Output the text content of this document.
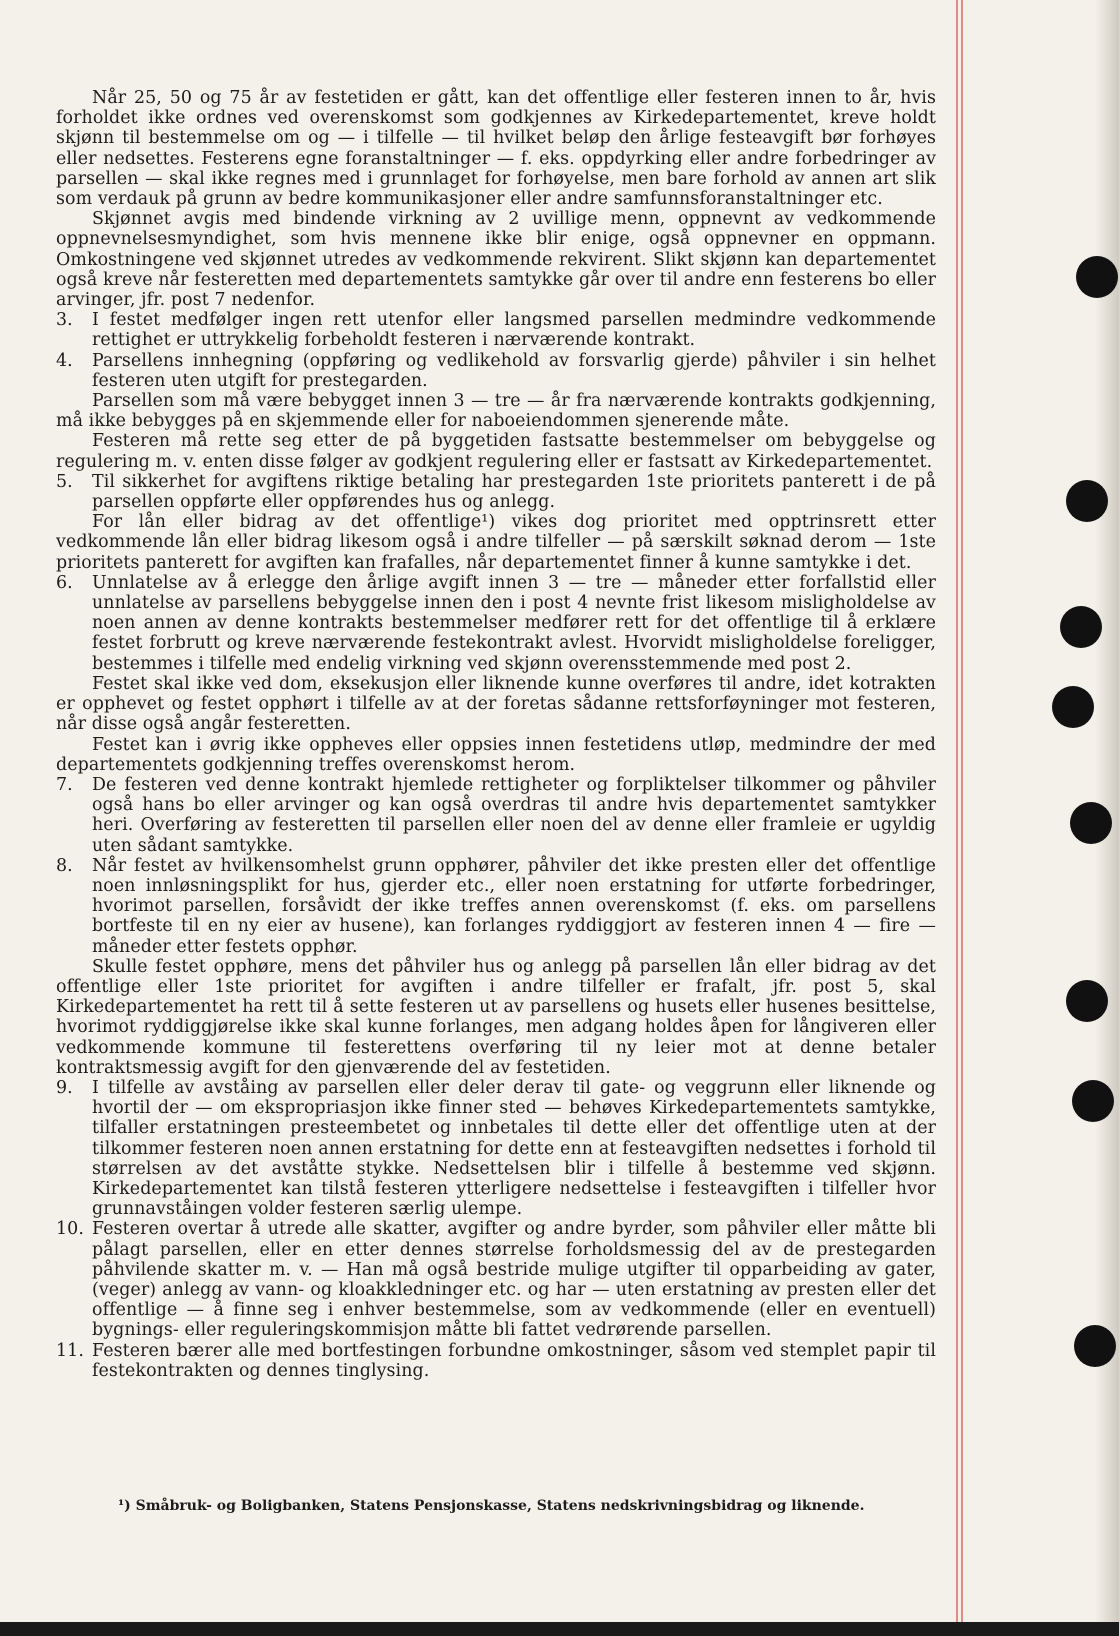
Når 25, 50 og 75 år av festetiden er gått, kan det offentlige eller festeren innen to år, hvis forholdet ikke ordnes ved overenskomst som godkjennes av Kirkedepartementet, kreve holdt skjønn til bestemmelse om og — i tilfelle — til hvilket beløp den årlige festeavgift bør forhøyes eller nedsettes. Festerens egne foranstaltninger — f. eks. oppdyrking eller andre forbedringer av parsellen — skal ikke regnes med i grunnlaget for forhøyelse, men bare forhold av annen art slik som verdauk på grunn av bedre kommunikasjoner eller andre samfunnsforanstaltninger etc.

Skjønnet avgis med bindende virkning av 2 uvillige menn, oppnevnt av vedkommende oppnevnelsesmyndighet, som hvis mennene ikke blir enige, også oppnevner en oppmann. Omkostningene ved skjønnet utredes av vedkommende rekvirent. Slikt skjønn kan departementet også kreve når festeretten med departementets samtykke går over til andre enn festerens bo eller arvinger, jfr. post 7 nedenfor.

3.	I festet medfølger ingen rett utenfor eller langsmed parsellen medmindre vedkommende rettighet er uttrykkelig forbeholdt festeren i nærværende kontrakt.

4.	Parsellens innhegning (oppføring og vedlikehold av forsvarlig gjerde) påhviler i sin helhet festeren uten utgift for prestegarden.

Parsellen som må være bebygget innen 3 — tre — år fra nærværende kontrakts godkjenning, må ikke bebygges på en skjemmende eller for naboeiendommen sjenerende måte.

Festeren må rette seg etter de på byggetiden fastsatte bestemmelser om bebyggelse og regulering m. v. enten disse følger av godkjent regulering eller er fastsatt av Kirkedepartementet.

5.	Til sikkerhet for avgiftens riktige betaling har prestegarden 1ste prioritets panterett i de på parsellen oppførte eller oppførendes hus og anlegg.

For lån eller bidrag av det offentlige¹) vikes dog prioritet med opptrinsrett etter vedkommende lån eller bidrag likesom også i andre tilfeller — på særskilt søknad derom — 1ste prioritets panterett for avgiften kan frafalles, når departementet finner å kunne samtykke i det.

6.	Unnlatelse av å erlegge den årlige avgift innen 3 — tre — måneder etter forfallstid eller unnlatelse av parsellens bebyggelse innen den i post 4 nevnte frist likesom misligholdelse av noen annen av denne kontrakts bestemmelser medfører rett for det offentlige til å erklære festet forbrutt og kreve nærværende festekontrakt avlest. Hvorvidt misligholdelse foreligger, bestemmes i tilfelle med endelig virkning ved skjønn overensstemmende med post 2.

Festet skal ikke ved dom, eksekusjon eller liknende kunne overføres til andre, idet kotrakten er opphevet og festet opphørt i tilfelle av at der foretas sådanne rettsforføyninger mot festeren, når disse også angår festeretten.

Festet kan i øvrig ikke oppheves eller oppsies innen festetidens utløp, medmindre der med departementets godkjenning treffes overenskomst herom.

7.	De festeren ved denne kontrakt hjemlede rettigheter og forpliktelser tilkommer og påhviler også hans bo eller arvinger og kan også overdras til andre hvis departementet samtykker heri. Overføring av festeretten til parsellen eller noen del av denne eller framleie er ugyldig uten sådant samtykke.

8.	Når festet av hvilkensomhelst grunn opphører, påhviler det ikke presten eller det offentlige noen innløsningsplikt for hus, gjerder etc., eller noen erstatning for utførte forbedringer, hvorimot parsellen, forsåvidt der ikke treffes annen overenskomst (f. eks. om parsellens bortfeste til en ny eier av husene), kan forlanges ryddiggjort av festeren innen 4 — fire — måneder etter festets opphør.

Skulle festet opphøre, mens det påhviler hus og anlegg på parsellen lån eller bidrag av det offentlige eller 1ste prioritet for avgiften i andre tilfeller er frafalt, jfr. post 5, skal Kirkedepartementet ha rett til å sette festeren ut av parsellens og husets eller husenes besittelse, hvorimot ryddiggjørelse ikke skal kunne forlanges, men adgang holdes åpen for långiveren eller vedkommende kommune til festerettens overføring til ny leier mot at denne betaler kontraktsmessig avgift for den gjenværende del av festetiden.

9.	I tilfelle av avståing av parsellen eller deler derav til gate- og veggrunn eller liknende og hvortil der — om ekspropriasjon ikke finner sted — behøves Kirkedepartementets samtykke, tilfaller erstatningen presteembetet og innbetales til dette eller det offentlige uten at der tilkommer festeren noen annen erstatning for dette enn at festeavgiften nedsettes i forhold til størrelsen av det avståtte stykke. Nedsettelsen blir i tilfelle å bestemme ved skjønn. Kirkedepartementet kan tilstå festeren ytterligere nedsettelse i festeavgiften i tilfeller hvor grunnavståingen volder festeren særlig ulempe.

10. Festeren overtar å utrede alle skatter, avgifter og andre byrder, som påhviler eller måtte bli pålagt parsellen, eller en etter dennes størrelse forholdsmessig del av de prestegarden påhvilende skatter m. v. — Han må også bestride mulige utgifter til opparbeiding av gater, (veger) anlegg av vann- og kloakkledninger etc. og har — uten erstatning av presten eller det offentlige — å finne seg i enhver bestemmelse, som av vedkommende (eller en eventuell) bygnings- eller reguleringskommisjon måtte bli fattet vedrørende parsellen.

11. Festeren bærer alle med bortfestingen forbundne omkostninger, såsom ved stemplet papir til festekontrakten og dennes tinglysing.

¹) Småbruk- og Boligbanken, Statens Pensjonskasse, Statens nedskrivningsbidrag og liknende.
